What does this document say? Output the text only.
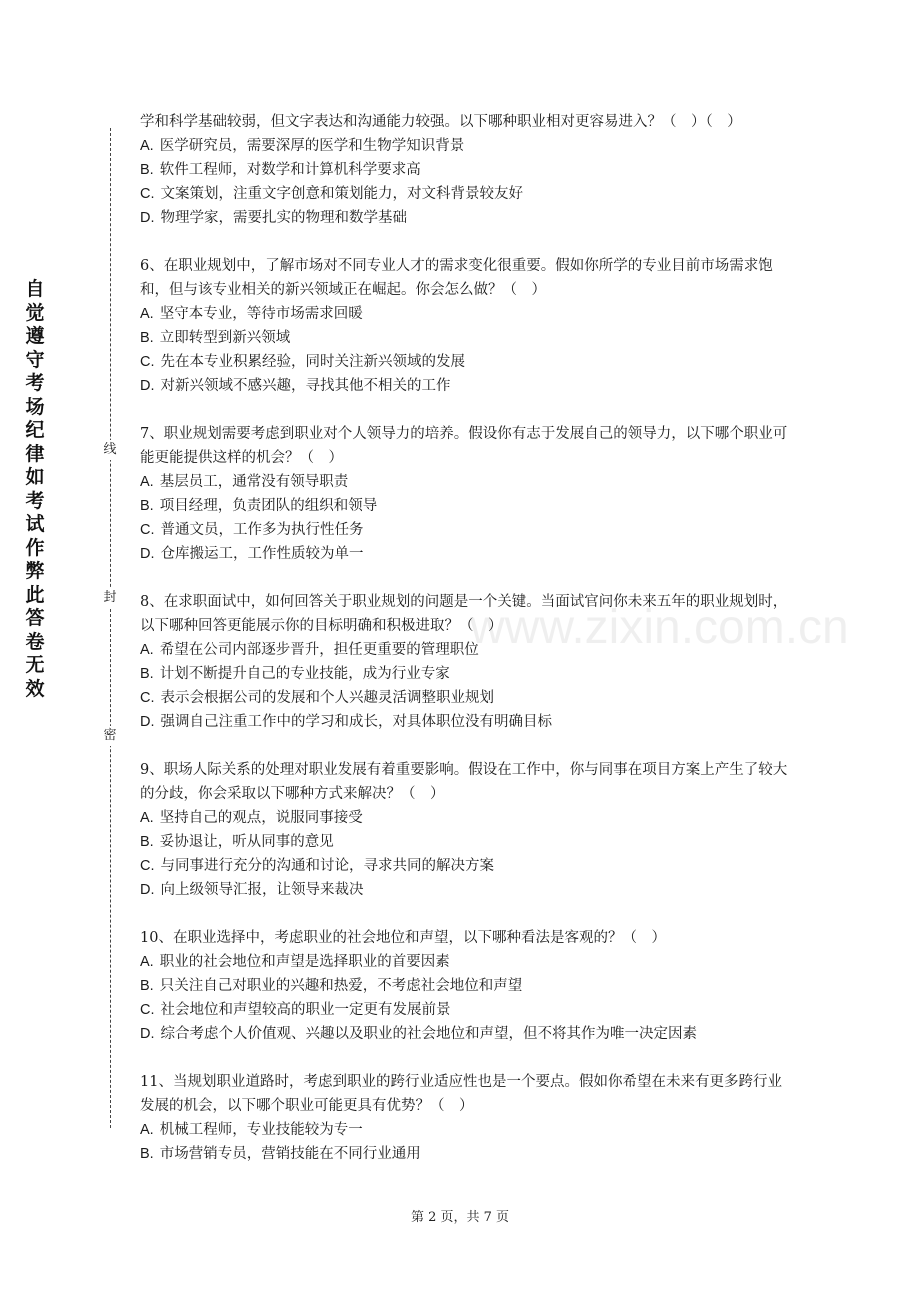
自觉遵守考场纪律如考试作弊此答卷无效
线
封
密
www.zixin.com.cn

学和科学基础较弱，但文字表达和沟通能力较强。以下哪种职业相对更容易进入？（　）（　）

A. 医学研究员，需要深厚的医学和生物学知识背景
B. 软件工程师，对数学和计算机科学要求高
C. 文案策划，注重文字创意和策划能力，对文科背景较友好
D. 物理学家，需要扎实的物理和数学基础

6、在职业规划中，了解市场对不同专业人才的需求变化很重要。假如你所学的专业目前市场需求饱和，但与该专业相关的新兴领域正在崛起。你会怎么做？（　）

A. 坚守本专业，等待市场需求回暖
B. 立即转型到新兴领域
C. 先在本专业积累经验，同时关注新兴领域的发展
D. 对新兴领域不感兴趣，寻找其他不相关的工作

7、职业规划需要考虑到职业对个人领导力的培养。假设你有志于发展自己的领导力，以下哪个职业可能更能提供这样的机会？（　）

A. 基层员工，通常没有领导职责
B. 项目经理，负责团队的组织和领导
C. 普通文员，工作多为执行性任务
D. 仓库搬运工，工作性质较为单一

8、在求职面试中，如何回答关于职业规划的问题是一个关键。当面试官问你未来五年的职业规划时，以下哪种回答更能展示你的目标明确和积极进取？（　）

A. 希望在公司内部逐步晋升，担任更重要的管理职位
B. 计划不断提升自己的专业技能，成为行业专家
C. 表示会根据公司的发展和个人兴趣灵活调整职业规划
D. 强调自己注重工作中的学习和成长，对具体职位没有明确目标

9、职场人际关系的处理对职业发展有着重要影响。假设在工作中，你与同事在项目方案上产生了较大的分歧，你会采取以下哪种方式来解决？（　）

A. 坚持自己的观点，说服同事接受
B. 妥协退让，听从同事的意见
C. 与同事进行充分的沟通和讨论，寻求共同的解决方案
D. 向上级领导汇报，让领导来裁决

10、在职业选择中，考虑职业的社会地位和声望，以下哪种看法是客观的？（　）

A. 职业的社会地位和声望是选择职业的首要因素
B. 只关注自己对职业的兴趣和热爱，不考虑社会地位和声望
C. 社会地位和声望较高的职业一定更有发展前景
D. 综合考虑个人价值观、兴趣以及职业的社会地位和声望，但不将其作为唯一决定因素

11、当规划职业道路时，考虑到职业的跨行业适应性也是一个要点。假如你希望在未来有更多跨行业发展的机会，以下哪个职业可能更具有优势？（　）

A. 机械工程师，专业技能较为专一
B. 市场营销专员，营销技能在不同行业通用
第 2 页，共 7 页
